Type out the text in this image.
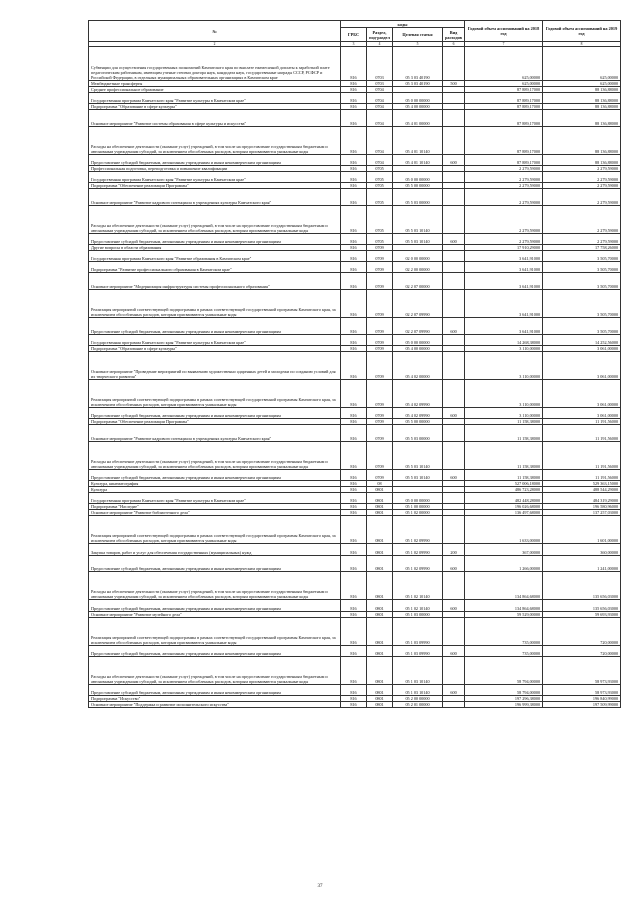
№	коды				Годовой объем ассигнований на 2018 год	Годовой объем ассигнований на 2019 год
	ГРБС	Раздел, под-раздел	Целевая статья	Вид расходов		
2	3	4	5	6	7	8
Субвенции для осуществления государственных полномочий Камчатского края по выплате ежемесячной доплаты к заработной плате педагогическим работникам, имеющим ученые степени доктора наук, кандидата наук, государственные награды СССР, РСФСР и Российской Федерации, в отдельных муниципальных образовательных организациях в Камчатском крае	816	0703	05 3 03 40190		625,00000	625,00000
Межбюджетные трансферты	816	0703	05 3 03 40190	500	625,00000	625,00000
Среднее профессиональное образование	816	0704			87 889,17000	88 136,88000
Государственная программа Камчатского края "Развитие культуры в Камчатском крае"	816	0704	05 0 00 00000		87 889,17000	88 136,88000
Подпрограмма "Образование в сфере культуры"	816	0704	05 4 00 00000		87 889,17000	88 136,88000
Основное мероприятие "Развитие системы образования в сфере культуры и искусства"	816	0704	05 4 01 00000		87 889,17000	88 136,88000
Расходы на обеспечение деятельности (оказание услуг) учреждений, в том числе на предоставление государственным бюджетным и автономным учреждениям субсидий, за исключением обособленных расходов, которым присваиваются уникальные коды	816	0704	05 4 01 10140		87 889,17000	88 136,88000
Предоставление субсидий бюджетным, автономным учреждениям и иным некоммерческим организациям	816	0704	05 4 01 10140	600	87 889,17000	88 136,88000
Профессиональная подготовка, переподготовка и повышение квалификации	816	0705			2 279,59000	2 279,59000
Государственная программа Камчатского края "Развитие культуры в Камчатском крае"	816	0705	05 0 00 00000		2 279,59000	2 279,59000
Подпрограмма "Обеспечение реализации Программы"	816	0705	05 5 00 00000		2 279,59000	2 279,59000
Основное мероприятие "Развитие кадрового потенциала в учреждениях культуры Камчатского края"	816	0705	05 5 03 00000		2 279,59000	2 279,59000
Расходы на обеспечение деятельности (оказание услуг) учреждений, в том числе на предоставление государственным бюджетным и автономным учреждениям субсидий, за исключением обособленных расходов, которым присваиваются уникальные коды	816	0705	05 5 03 10140		2 279,59000	2 279,59000
Предоставление субсидий бюджетным, автономным учреждениям и иным некоммерческим организациям	816	0705	05 5 03 10140	600	2 279,59000	2 279,59000
Другие вопросы в области образования	816	0709			17 910,29000	17 758,26000
Государственная программа Камчатского края "Развитие образования в Камчатском крае"	816	0709	02 0 00 00000		3 641,91000	3 505,70000
Подпрограмма "Развитие профессионального образования в Камчатском крае"	816	0709	02 2 00 00000		3 641,91000	3 505,70000
Основное мероприятие "Модернизация инфраструктуры системы профессионального образования"	816	0709	02 2 07 00000		3 641,91000	3 505,70000
Реализация мероприятий соответствующей подпрограммы в рамках соответствующей государственной программы Камчатского края, за исключением обособленных расходов, которым присваиваются уникальные коды	816	0709	02 2 07 09990		3 641,91000	3 505,70000
Предоставление субсидий бюджетным, автономным учреждениям и иным некоммерческим организациям	816	0709	02 2 07 09990	600	3 641,91000	3 505,70000
Государственная программа Камчатского края "Развитие культуры в Камчатском крае"	816	0709	05 0 00 00000		14 268,38000	14 252,56000
Подпрограмма "Образование в сфере культуры"	816	0709	05 4 00 00000		3 110,00000	3 061,00000
Основное мероприятие "Проведение мероприятий по выявлению художественно одаренных детей и молодежи по созданию условий для их творческого развития"	816	0709	05 4 02 00000		3 110,00000	3 061,00000
Реализация мероприятий соответствующей подпрограммы в рамках соответствующей государственной программы Камчатского края, за исключением обособленных расходов, которым присваиваются уникальные коды	816	0709	05 4 02 09990		3 110,00000	3 061,00000
Предоставление субсидий бюджетным, автономным учреждениям и иным некоммерческим организациям	816	0709	05 4 02 09990	600	3 110,00000	3 061,00000
Подпрограмма "Обеспечение реализации Программы"	816	0709	05 5 00 00000		11 158,38000	11 191,56000
Основное мероприятие "Развитие кадрового потенциала в учреждениях культуры Камчатского края"	816	0709	05 5 03 00000		11 158,38000	11 191,56000
Расходы на обеспечение деятельности (оказание услуг) учреждений, в том числе на предоставление государственным бюджетным и автономным учреждениям субсидий, за исключением обособленных расходов, которым присваиваются уникальные коды	816	0709	05 5 03 10140		11 158,38000	11 191,56000
Предоставление субсидий бюджетным, автономным учреждениям и иным некоммерческим организациям	816	0709	05 5 03 10140	600	11 158,38000	11 191,56000
Культура, кинематография	816	08			527 006,18000	529 363,15000
Культура	816	0801			486 723,28000	488 544,29000
Государственная программа Камчатского края "Развитие культуры в Камчатском крае"	816	0801	05 0 00 00000		482 448,28000	484 319,29000
Подпрограмма "Наследие"	816	0801	05 1 00 00000		196 026,68000	196 580,96000
Основное мероприятие "Развитие библиотечного дела"	816	0801	05 1 02 00000		136 497,68000	137 257,03000
Реализация мероприятий соответствующей подпрограммы в рамках соответствующей государственной программы Камчатского края, за исключением обособленных расходов, которым присваиваются уникальные коды	816	0801	05 1 02 09990		1 633,00000	1 601,00000
Закупка товаров, работ и услуг для обеспечения государственных (муниципальных) нужд	816	0801	05 1 02 09990	200	367,00000	360,00000
Предоставление субсидий бюджетным, автономным учреждениям и иным некоммерческим организациям	816	0801	05 1 02 09990	600	1 266,00000	1 241,00000
Расходы на обеспечение деятельности (оказание услуг) учреждений, в том числе на предоставление государственным бюджетным и автономным учреждениям субсидий, за исключением обособленных расходов, которым присваиваются уникальные коды	816	0801	05 1 02 10140		134 864,68000	135 656,03000
Предоставление субсидий бюджетным, автономным учреждениям и иным некоммерческим организациям	816	0801	05 1 02 10140	600	134 864,68000	135 656,03000
Основное мероприятие "Развитие музейного дела"	816	0801	05 1 03 00000		59 529,00000	59 693,93000
Реализация мероприятий соответствующей подпрограммы в рамках соответствующей государственной программы Камчатского края, за исключением обособленных расходов, которым присваиваются уникальные коды	816	0801	05 1 03 09990		735,00000	720,00000
Предоставление субсидий бюджетным, автономным учреждениям и иным некоммерческим организациям	816	0801	05 1 03 09990	600	735,00000	720,00000
Расходы на обеспечение деятельности (оказание услуг) учреждений, в том числе на предоставление государственным бюджетным и автономным учреждениям субсидий, за исключением обособленных расходов, которым присваиваются уникальные коды	816	0801	05 1 03 10140		58 794,00000	58 973,93000
Предоставление субсидий бюджетным, автономным учреждениям и иным некоммерческим организациям	816	0801	05 1 03 10140	600	58 794,00000	58 973,93000
Подпрограмма "Искусство"	816	0801	05 2 00 00000		197 296,38000	196 840,99000
Основное мероприятие "Поддержка и развитие исполнительского искусства"	816	0801	05 2 01 00000		196 999,38000	197 509,99000
37
